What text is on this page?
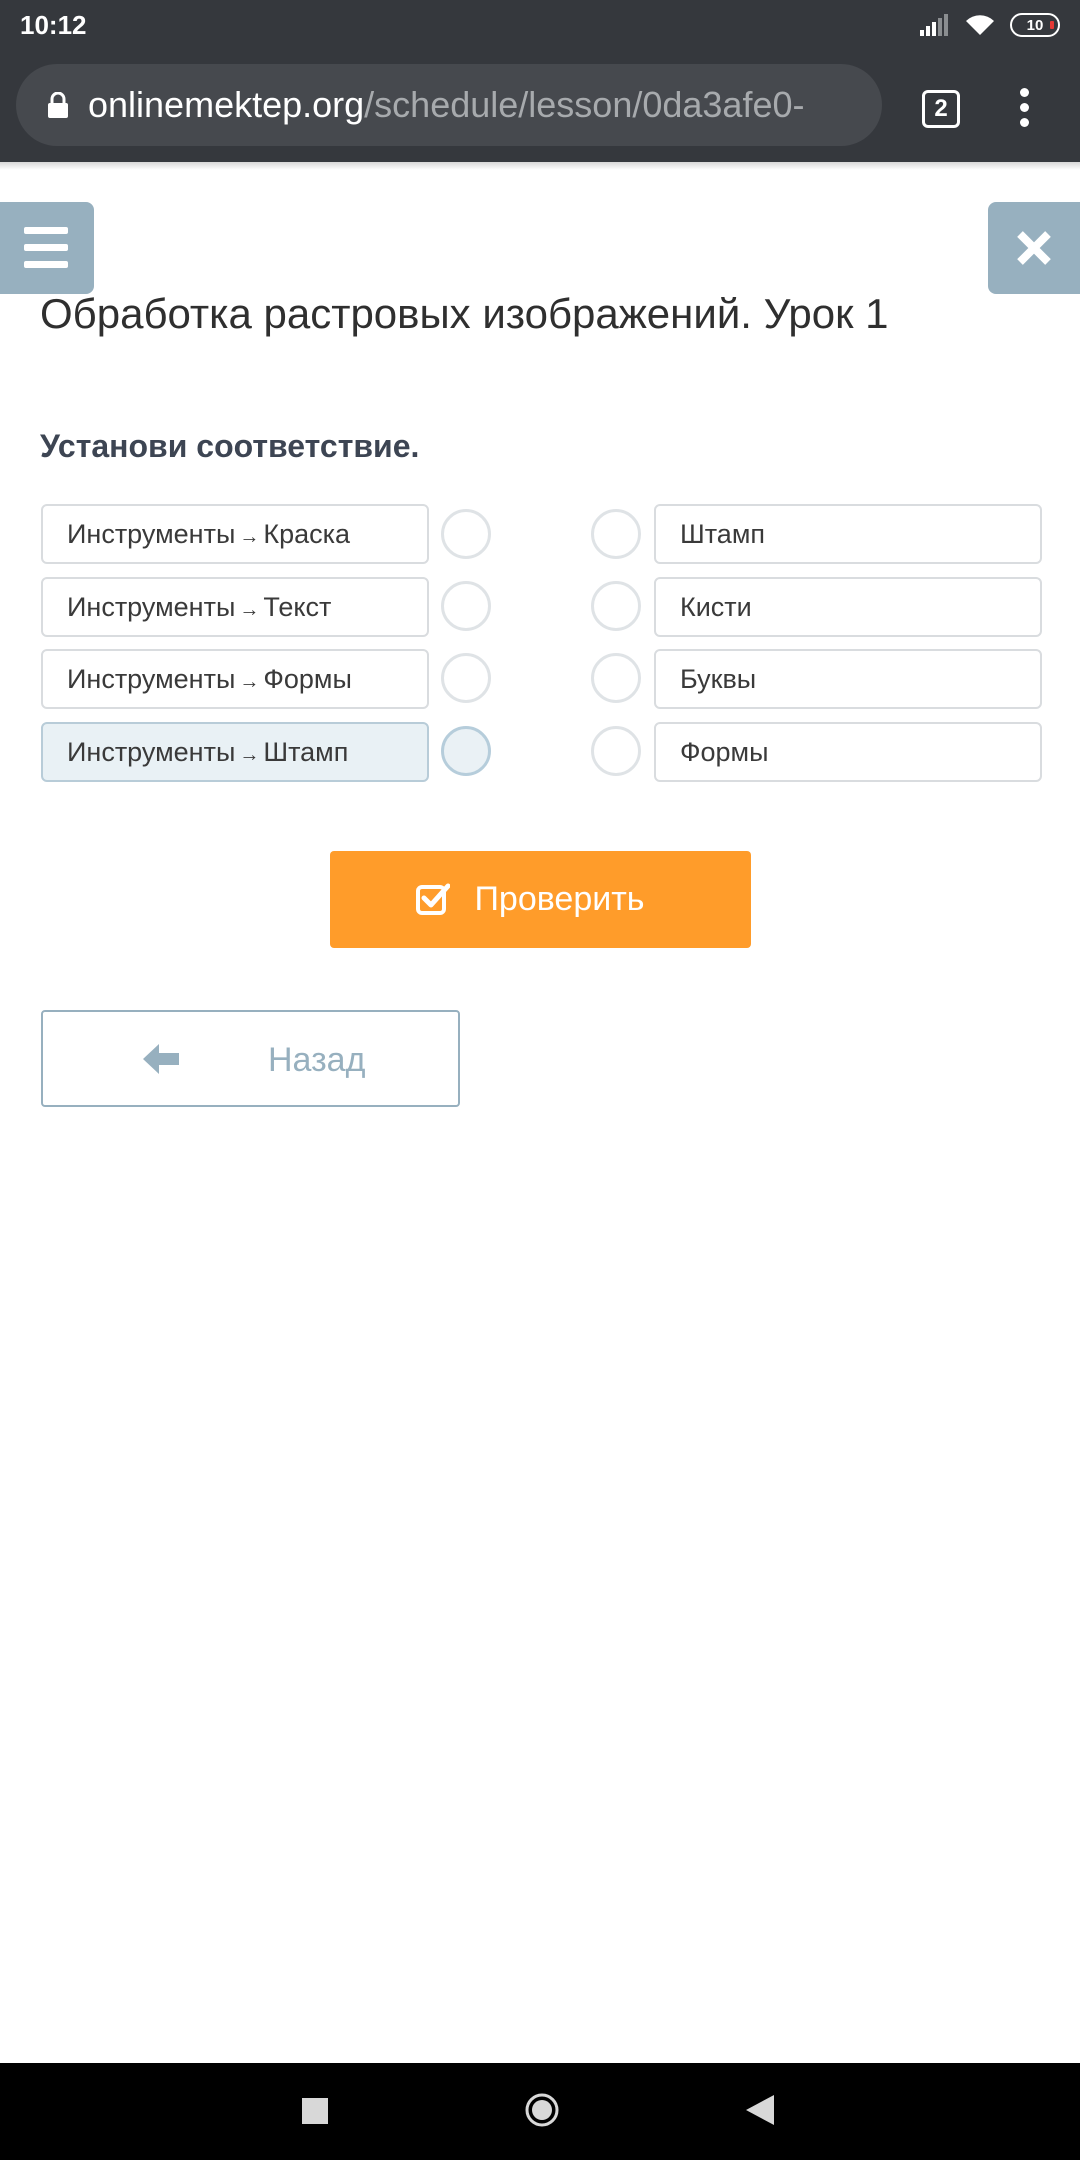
10:12	10
onlinemektep.org/schedule/lesson/0da3afe0-	2
Обработка растровых изображений. Урок 1
Установи соответствие.
Инструменты → Краска
Инструменты → Текст
Инструменты → Формы
Инструменты → Штамп
Штамп
Кисти
Буквы
Формы
Проверить
Назад
